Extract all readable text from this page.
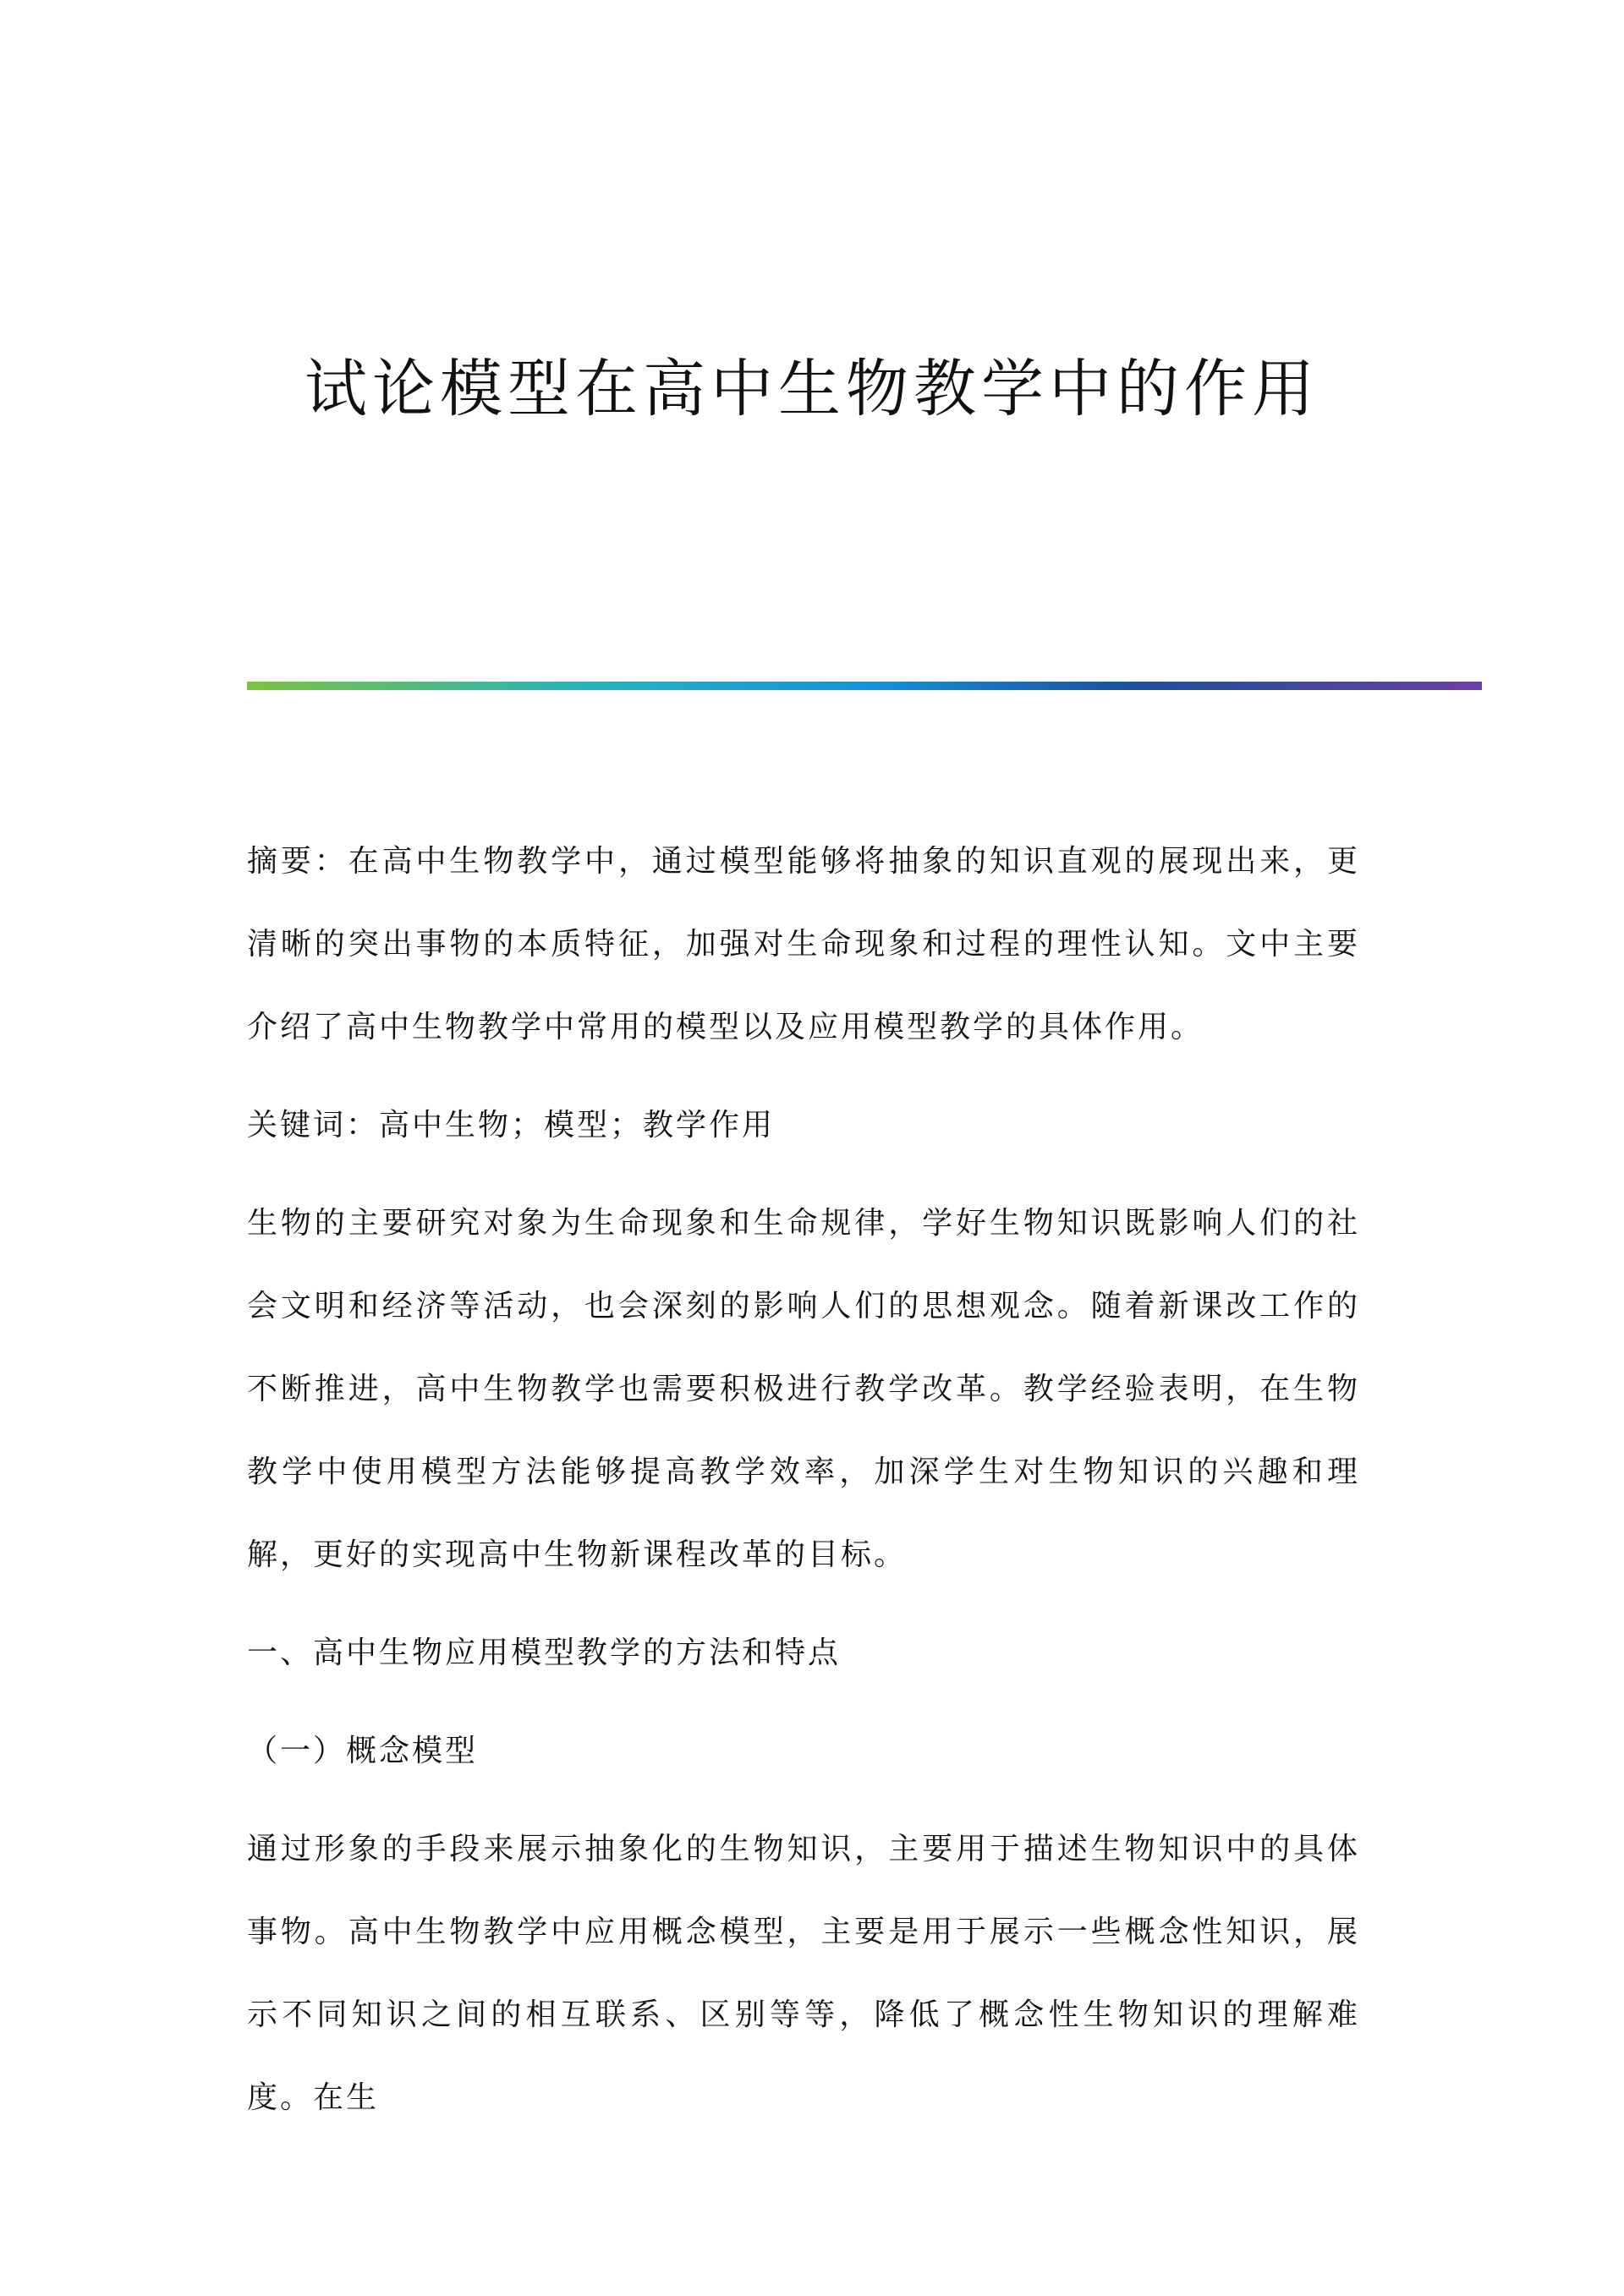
试论模型在高中生物教学中的作用

摘要：在高中生物教学中，通过模型能够将抽象的知识直观的展现出来，更清晰的突出事物的本质特征，加强对生命现象和过程的理性认知。文中主要介绍了高中生物教学中常用的模型以及应用模型教学的具体作用。

关键词：高中生物；模型；教学作用

生物的主要研究对象为生命现象和生命规律，学好生物知识既影响人们的社会文明和经济等活动，也会深刻的影响人们的思想观念。随着新课改工作的不断推进，高中生物教学也需要积极进行教学改革。教学经验表明，在生物教学中使用模型方法能够提高教学效率，加深学生对生物知识的兴趣和理解，更好的实现高中生物新课程改革的目标。

一、高中生物应用模型教学的方法和特点

（一）概念模型

通过形象的手段来展示抽象化的生物知识，主要用于描述生物知识中的具体事物。高中生物教学中应用概念模型，主要是用于展示一些概念性知识，展示不同知识之间的相互联系、区别等等，降低了概念性生物知识的理解难度。在生
